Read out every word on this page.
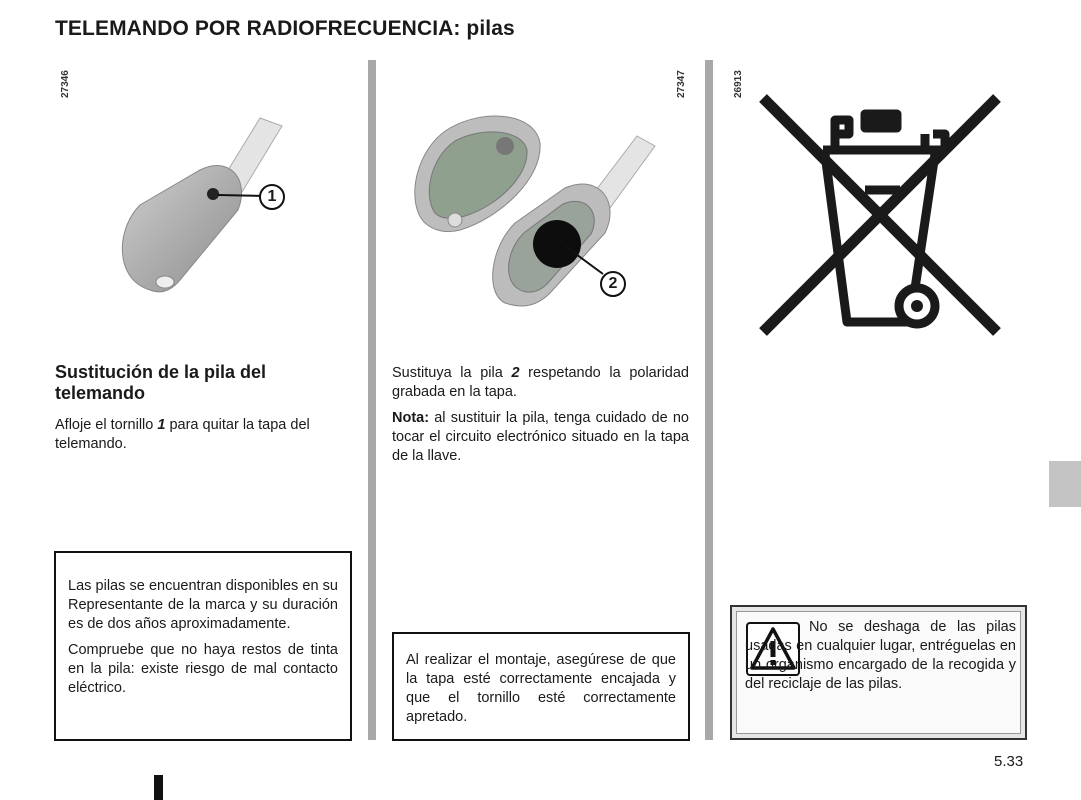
TELEMANDO POR RADIOFRECUENCIA: pilas
27346
1
27347
2
26913
Sustitución de la pila del telemando

Afloje el tornillo 1 para quitar la tapa del telemando.

Las pilas se encuentran disponibles en su Representante de la marca y su duración es de dos años aproximadamente.

Compruebe que no haya restos de tinta en la pila: existe riesgo de mal contacto eléctrico.

Sustituya la pila 2 respetando la polaridad grabada en la tapa.

Nota: al sustituir la pila, tenga cuidado de no tocar el circuito electrónico situado en la tapa de la llave.

Al realizar el montaje, asegúrese de que la tapa esté correctamente encajada y que el tornillo esté correctamente apretado.

No se deshaga de las pilas usadas en cualquier lugar, entréguelas en un organismo encargado de la recogida y del reciclaje de las pilas.

5.33
